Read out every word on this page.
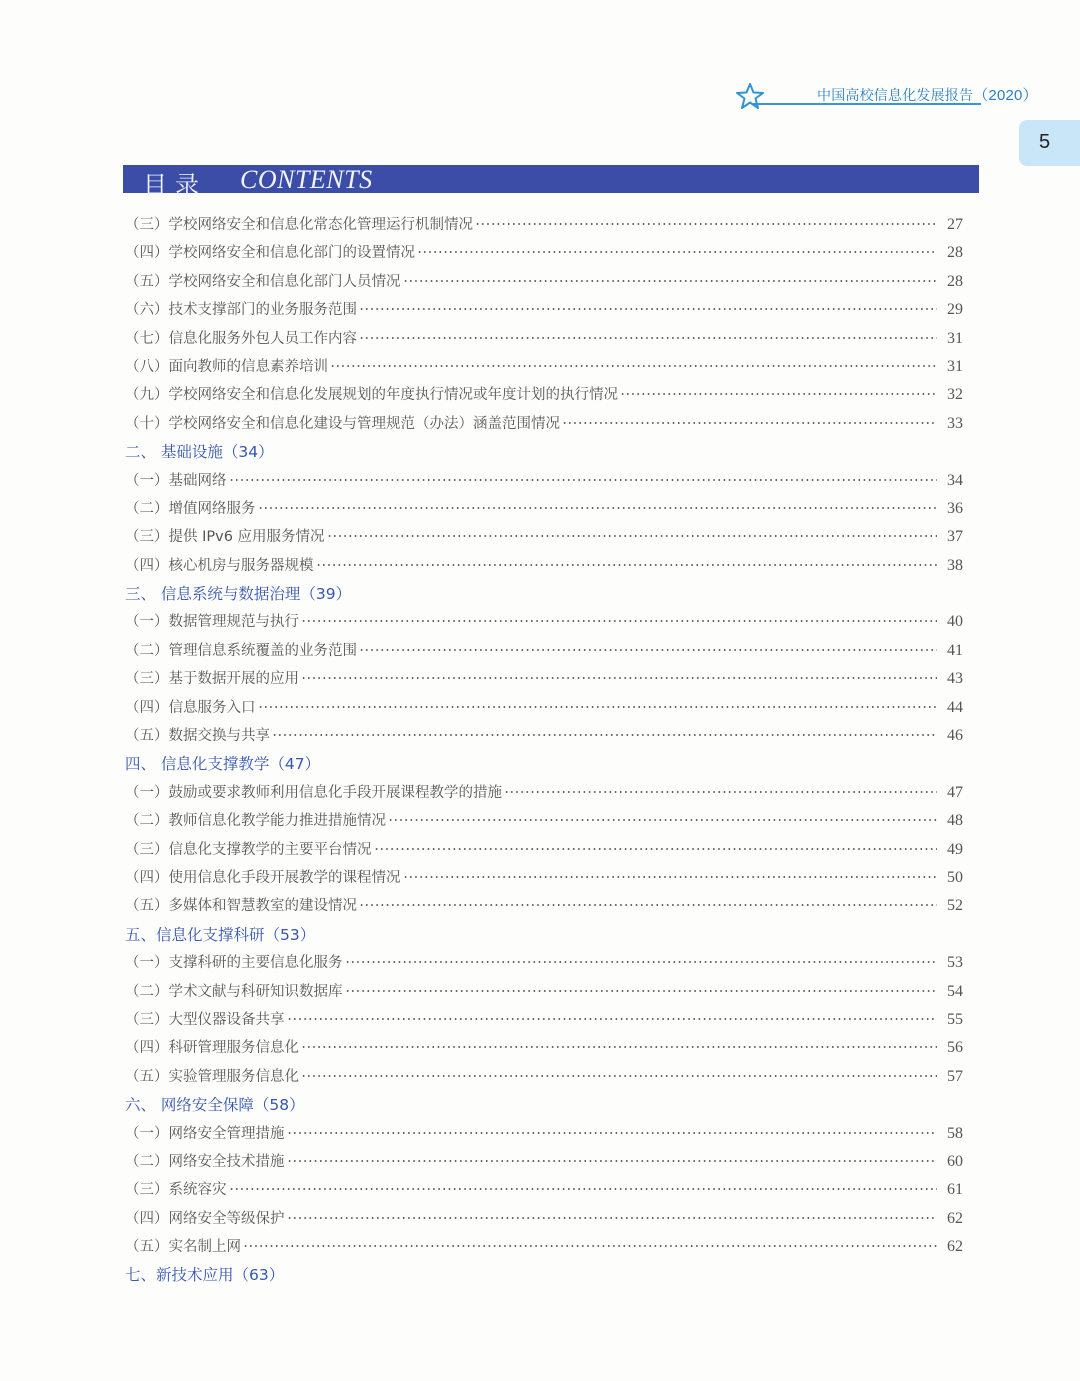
中国高校信息化发展报告（2020）
5
目录 CONTENTS
（三）学校网络安全和信息化常态化管理运行机制情况	27
（四）学校网络安全和信息化部门的设置情况	28
（五）学校网络安全和信息化部门人员情况	28
（六）技术支撑部门的业务服务范围	29
（七）信息化服务外包人员工作内容	31
（八）面向教师的信息素养培训	31
（九）学校网络安全和信息化发展规划的年度执行情况或年度计划的执行情况	32
（十）学校网络安全和信息化建设与管理规范（办法）涵盖范围情况	33
二、 基础设施（34）
（一）基础网络	34
（二）增值网络服务	36
（三）提供 IPv6 应用服务情况	37
（四）核心机房与服务器规模	38
三、 信息系统与数据治理（39）
（一）数据管理规范与执行	40
（二）管理信息系统覆盖的业务范围	41
（三）基于数据开展的应用	43
（四）信息服务入口	44
（五）数据交换与共享	46
四、 信息化支撑教学（47）
（一）鼓励或要求教师利用信息化手段开展课程教学的措施	47
（二）教师信息化教学能力推进措施情况	48
（三）信息化支撑教学的主要平台情况	49
（四）使用信息化手段开展教学的课程情况	50
（五）多媒体和智慧教室的建设情况	52
五、信息化支撑科研（53）
（一）支撑科研的主要信息化服务	53
（二）学术文献与科研知识数据库	54
（三）大型仪器设备共享	55
（四）科研管理服务信息化	56
（五）实验管理服务信息化	57
六、 网络安全保障（58）
（一）网络安全管理措施	58
（二）网络安全技术措施	60
（三）系统容灾	61
（四）网络安全等级保护	62
（五）实名制上网	62
七、新技术应用（63）
